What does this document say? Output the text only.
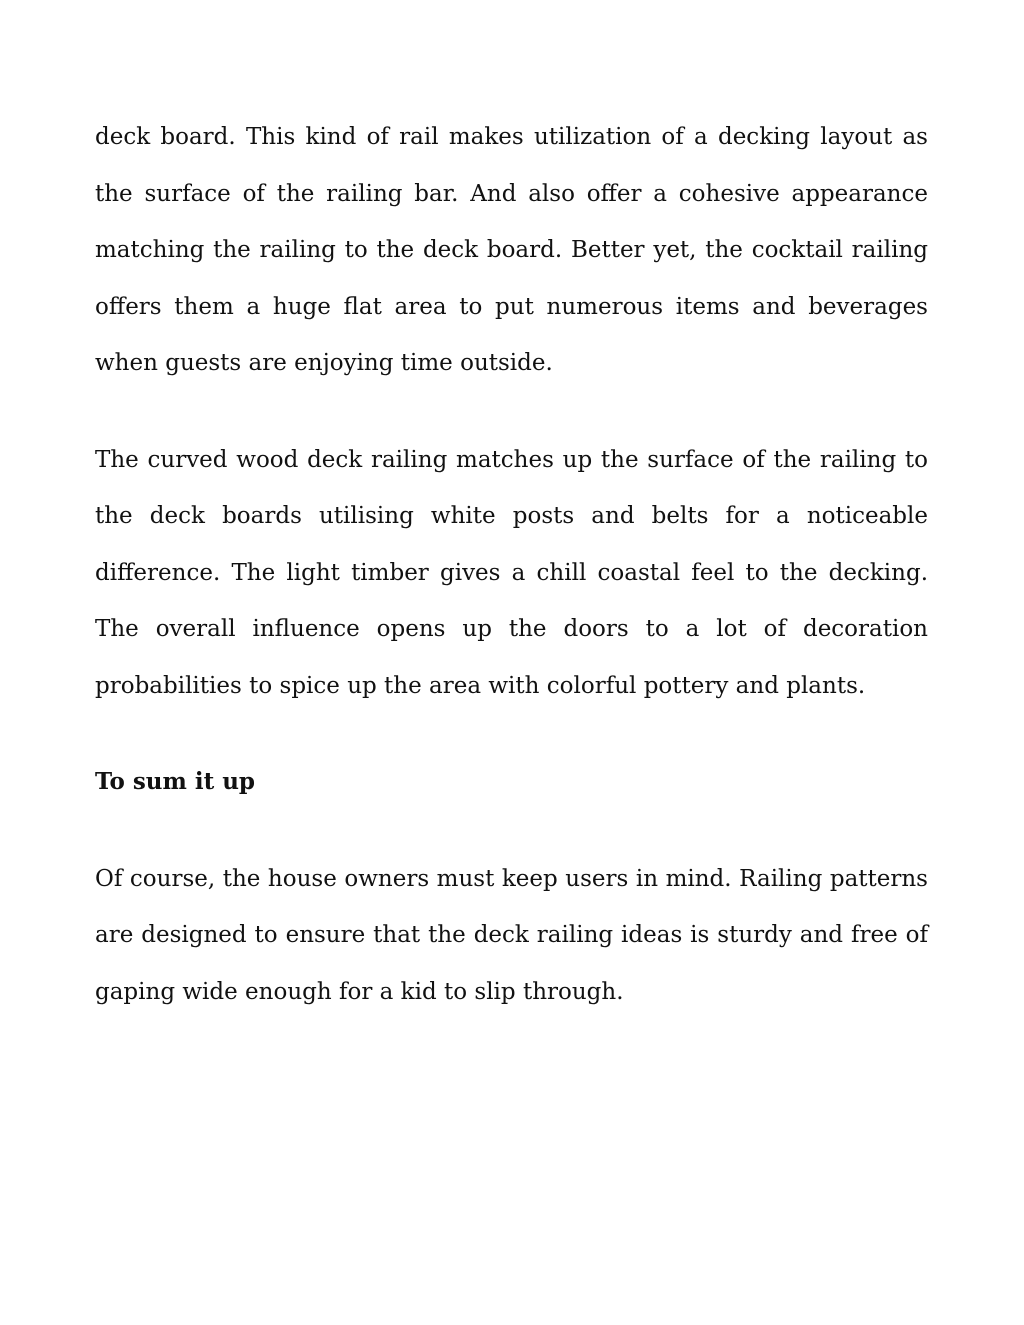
deck board. This kind of rail makes utilization of a decking layout as the surface of the railing bar. And also offer a cohesive appearance matching the railing to the deck board. Better yet, the cocktail railing offers them a huge flat area to put numerous items and beverages when guests are enjoying time outside.

The curved wood deck railing matches up the surface of the railing to the deck boards utilising white posts and belts for a noticeable difference. The light timber gives a chill coastal feel to the decking. The overall influence opens up the doors to a lot of decoration probabilities to spice up the area with colorful pottery and plants.

To sum it up

Of course, the house owners must keep users in mind. Railing patterns are designed to ensure that the deck railing ideas is sturdy and free of gaping wide enough for a kid to slip through.
